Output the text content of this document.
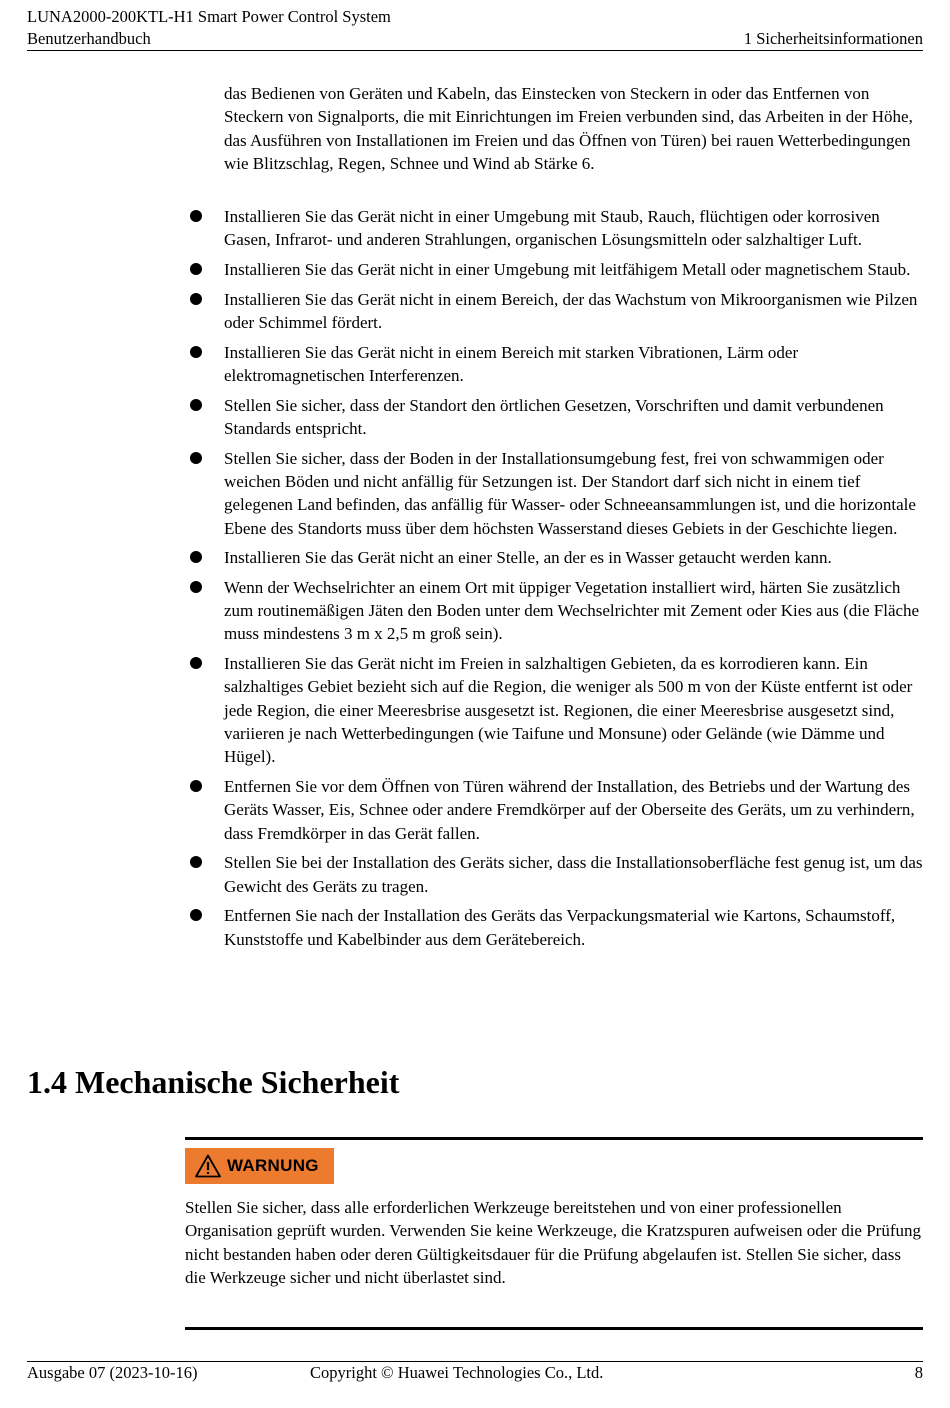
LUNA2000-200KTL-H1 Smart Power Control System
Benutzerhandbuch	1 Sicherheitsinformationen

das Bedienen von Geräten und Kabeln, das Einstecken von Steckern in oder das Entfernen von Steckern von Signalports, die mit Einrichtungen im Freien verbunden sind, das Arbeiten in der Höhe, das Ausführen von Installationen im Freien und das Öffnen von Türen) bei rauen Wetterbedingungen wie Blitzschlag, Regen, Schnee und Wind ab Stärke 6.

Installieren Sie das Gerät nicht in einer Umgebung mit Staub, Rauch, flüchtigen oder korrosiven Gasen, Infrarot- und anderen Strahlungen, organischen Lösungsmitteln oder salzhaltiger Luft.
Installieren Sie das Gerät nicht in einer Umgebung mit leitfähigem Metall oder magnetischem Staub.
Installieren Sie das Gerät nicht in einem Bereich, der das Wachstum von Mikroorganismen wie Pilzen oder Schimmel fördert.
Installieren Sie das Gerät nicht in einem Bereich mit starken Vibrationen, Lärm oder elektromagnetischen Interferenzen.
Stellen Sie sicher, dass der Standort den örtlichen Gesetzen, Vorschriften und damit verbundenen Standards entspricht.
Stellen Sie sicher, dass der Boden in der Installationsumgebung fest, frei von schwammigen oder weichen Böden und nicht anfällig für Setzungen ist. Der Standort darf sich nicht in einem tief gelegenen Land befinden, das anfällig für Wasser- oder Schneeansammlungen ist, und die horizontale Ebene des Standorts muss über dem höchsten Wasserstand dieses Gebiets in der Geschichte liegen.
Installieren Sie das Gerät nicht an einer Stelle, an der es in Wasser getaucht werden kann.
Wenn der Wechselrichter an einem Ort mit üppiger Vegetation installiert wird, härten Sie zusätzlich zum routinemäßigen Jäten den Boden unter dem Wechselrichter mit Zement oder Kies aus (die Fläche muss mindestens 3 m x 2,5 m groß sein).
Installieren Sie das Gerät nicht im Freien in salzhaltigen Gebieten, da es korrodieren kann. Ein salzhaltiges Gebiet bezieht sich auf die Region, die weniger als 500 m von der Küste entfernt ist oder jede Region, die einer Meeresbrise ausgesetzt ist. Regionen, die einer Meeresbrise ausgesetzt sind, variieren je nach Wetterbedingungen (wie Taifune und Monsune) oder Gelände (wie Dämme und Hügel).
Entfernen Sie vor dem Öffnen von Türen während der Installation, des Betriebs und der Wartung des Geräts Wasser, Eis, Schnee oder andere Fremdkörper auf der Oberseite des Geräts, um zu verhindern, dass Fremdkörper in das Gerät fallen.
Stellen Sie bei der Installation des Geräts sicher, dass die Installationsoberfläche fest genug ist, um das Gewicht des Geräts zu tragen.
Entfernen Sie nach der Installation des Geräts das Verpackungsmaterial wie Kartons, Schaumstoff, Kunststoffe und Kabelbinder aus dem Gerätebereich.
1.4 Mechanische Sicherheit
WARNUNG

Stellen Sie sicher, dass alle erforderlichen Werkzeuge bereitstehen und von einer professionellen Organisation geprüft wurden. Verwenden Sie keine Werkzeuge, die Kratzspuren aufweisen oder die Prüfung nicht bestanden haben oder deren Gültigkeitsdauer für die Prüfung abgelaufen ist. Stellen Sie sicher, dass die Werkzeuge sicher und nicht überlastet sind.

Ausgabe 07 (2023-10-16)	Copyright © Huawei Technologies Co., Ltd.	8
